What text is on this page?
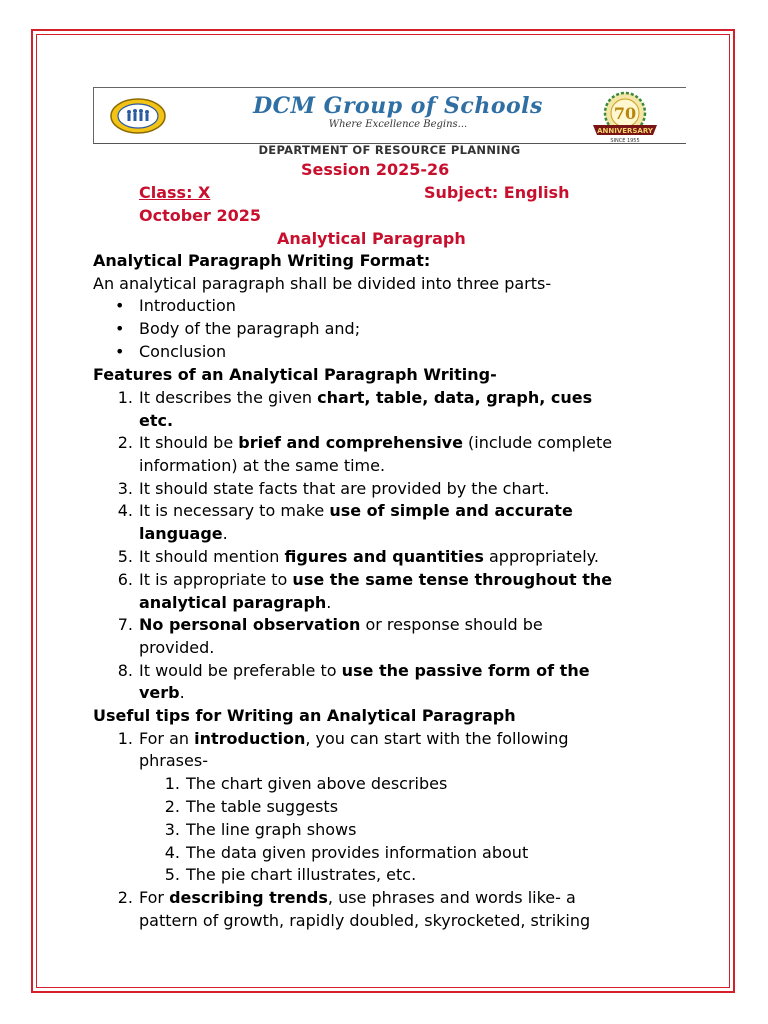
DCM Group of Schools
Where Excellence Begins...
70
ANNIVERSARY
SINCE 1955
DEPARTMENT OF RESOURCE PLANNING
Session 2025-26
Class: X	Subject: English
October 2025
Analytical Paragraph
Analytical Paragraph Writing Format:
An analytical paragraph shall be divided into three parts-
• Introduction
• Body of the paragraph and;
• Conclusion
Features of an Analytical Paragraph Writing-
1. It describes the given chart, table, data, graph, cues
etc.
2. It should be brief and comprehensive (include complete
information) at the same time.
3. It should state facts that are provided by the chart.
4. It is necessary to make use of simple and accurate
language.
5. It should mention figures and quantities appropriately.
6. It is appropriate to use the same tense throughout the
analytical paragraph.
7. No personal observation or response should be
provided.
8. It would be preferable to use the passive form of the
verb.
Useful tips for Writing an Analytical Paragraph
1. For an introduction, you can start with the following
phrases-
1. The chart given above describes
2. The table suggests
3. The line graph shows
4. The data given provides information about
5. The pie chart illustrates, etc.
2. For describing trends, use phrases and words like- a
pattern of growth, rapidly doubled, skyrocketed, striking
